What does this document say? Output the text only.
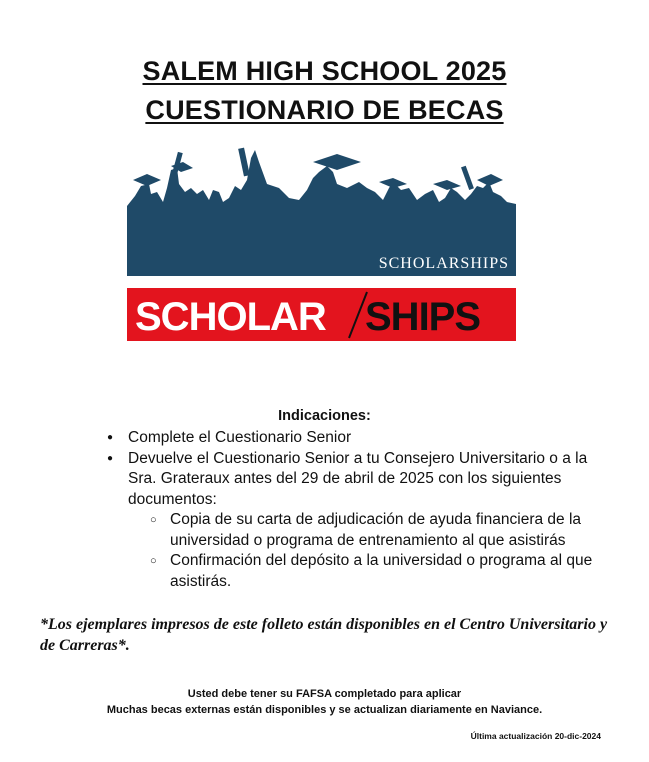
SALEM HIGH SCHOOL 2025
CUESTIONARIO DE BECAS
SCHOLARSHIPS
SCHOLAR SHIPS
Indicaciones:
● Complete el Cuestionario Senior
● Devuelve el Cuestionario Senior a tu Consejero Universitario o a la Sra. Grateraux antes del 29 de abril de 2025 con los siguientes documentos:
○ Copia de su carta de adjudicación de ayuda financiera de la universidad o programa de entrenamiento al que asistirás
○ Confirmación del depósito a la universidad o programa al que asistirás.
*Los ejemplares impresos de este folleto están disponibles en el Centro Universitario y de Carreras*.
Usted debe tener su FAFSA completado para aplicar
Muchas becas externas están disponibles y se actualizan diariamente en Naviance.
Última actualización 20-dic-2024
